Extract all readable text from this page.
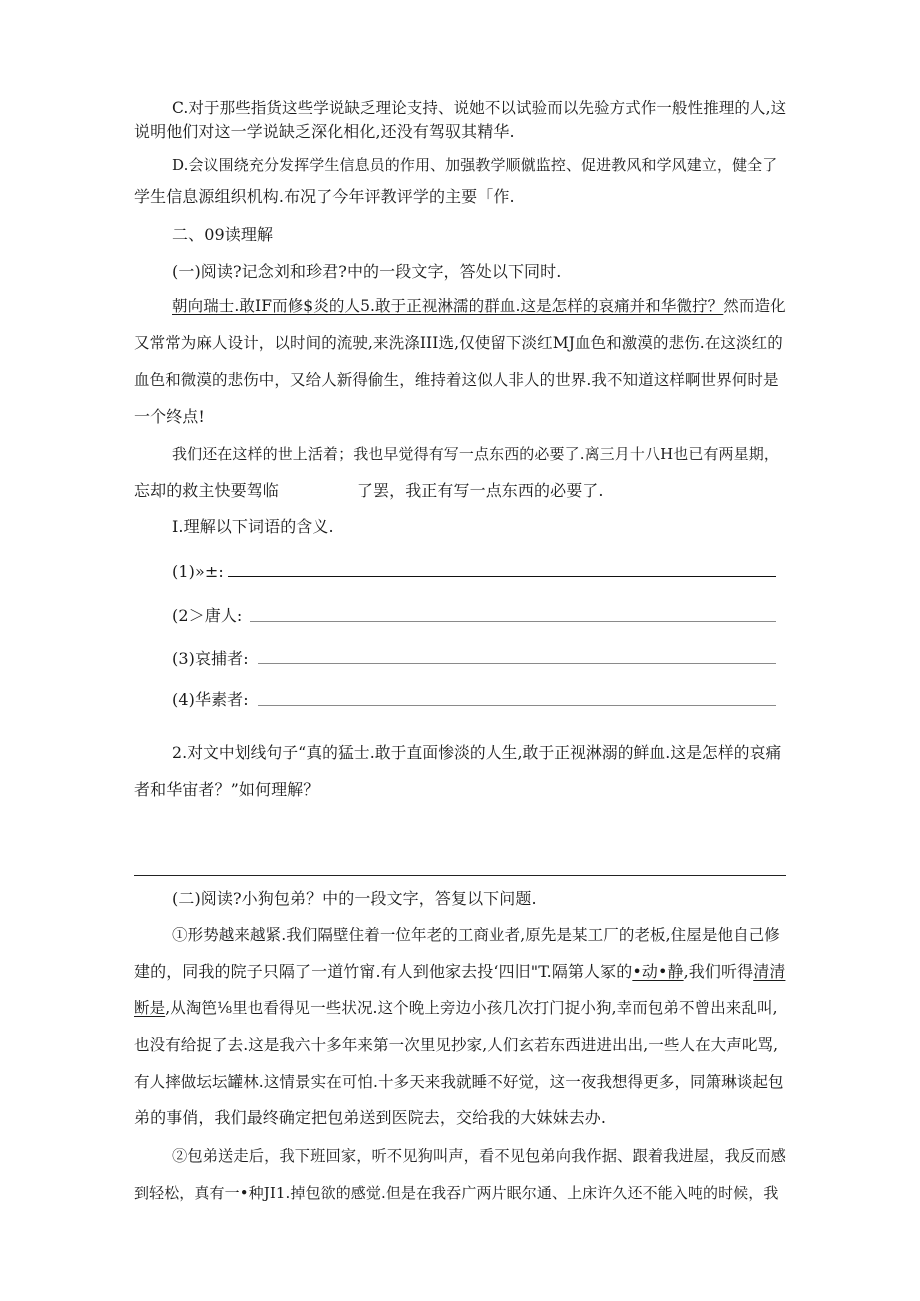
C.对于那些指货这些学说缺乏理论支持、说她不以试验而以先验方式作一般性推理的人,这

说明他们对这一学说缺乏深化相化,还没有驾驭其精华.

D.会议围绕充分发挥学生信息员的作用、加强教学顺僦监控、促进教风和学风建立，健全了

学生信息源组织机构.布况了今年评教评学的主要「作.

二、09读理解

(一)阅读?记念刘和珍君?中的一段文字，答处以下同时.

朝向瑞士.敢IF而修$炎的人5.敢于正视淋濡的群血.这是怎样的哀痛并和华微拧？然而造化

又常常为麻人设计，以时间的流驶,来洗涤III选,仅使留下淡红MJ血色和激漠的悲伤.在这淡红的

血色和微漠的悲伤中，又给人新得偷生，维持着这似人非人的世界.我不知道这样啊世界何时是

一个终点!

我们还在这样的世上活着；我也早觉得有写一点东西的必要了.离三月十八H也已有两星期，

忘却的救主快要驾临	了罢，我正有写一点东西的必要了.

I.理解以下词语的含义.

(1)»±:

(2＞唐人:

(3)哀捕者:

(4)华素者:

2.对文中划线句子“真的猛士.敢于直面惨淡的人生,敢于正视淋溺的鲜血.这是怎样的哀痛

者和华宙者？”如何理解？

(二)阅读?小狗包弟？中的一段文字，答复以下问题.

①形势越来越紧.我们隔壁住着一位年老的工商业者,原先是某工厂的老板,住屋是他自己修

建的，同我的院子只隔了一道竹甯.有人到他家去投‘四旧"T.隔第人冢的•动•静,我们听得清清

断是,从淘笆⅛里也看得见一些状况.这个晚上旁边小孩几次打门捉小狗,幸而包弟不曾出来乱叫,

也没有给捉了去.这是我六十多年来第一次里见抄家,人们玄若东西进进出出,一些人在大声叱骂,

有人摔做坛坛罐林.这情景实在可怕.十多天来我就睡不好觉，这一夜我想得更多，同箫琳谈起包

弟的事俏，我们最终确定把包弟送到医院去，交给我的大妹妹去办.

②包弟送走后，我下班回家，听不见狗叫声，看不见包弟向我作据、跟着我进屋，我反而感

到轻松，真有一•种JI1.掉包欲的感觉.但是在我吞广两片眠尔通、上床许久还不能入吨的时候，我
